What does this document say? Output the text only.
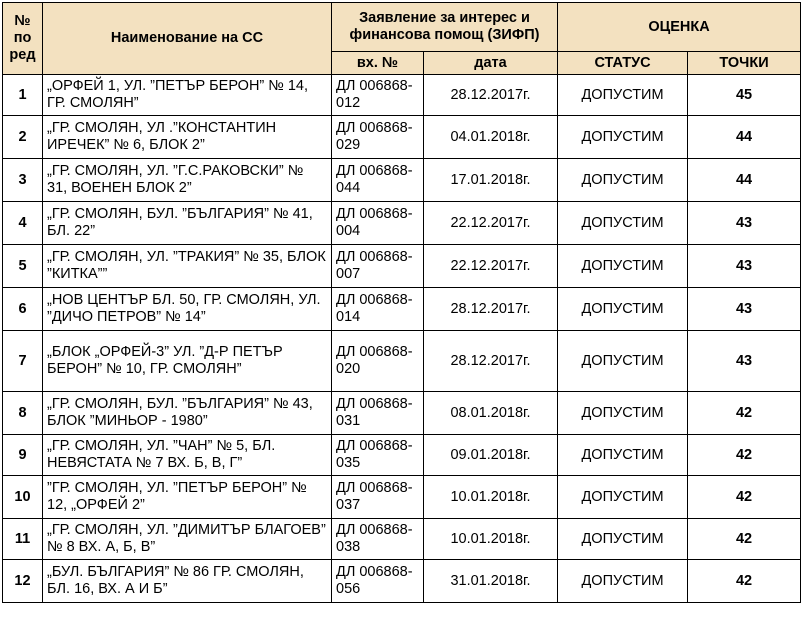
№
по
ред	Наименование на СС	Заявление за интерес и финансова помощ (ЗИФП)		ОЦЕНКА	
		вх. №	дата	СТАТУС	ТОЧКИ
1	„ОРФЕЙ 1, УЛ. ”ПЕТЪР БЕРОН” № 14, ГР. СМОЛЯН”	ДЛ 006868-012	28.12.2017г.	ДОПУСТИМ	45
2	„ГР. СМОЛЯН, УЛ .”КОНСТАНТИН ИРЕЧЕК” № 6, БЛОК 2”	ДЛ 006868-029	04.01.2018г.	ДОПУСТИМ	44
3	„ГР. СМОЛЯН, УЛ. ”Г.С.РАКОВСКИ” № 31, ВОЕНЕН БЛОК 2”	ДЛ 006868-044	17.01.2018г.	ДОПУСТИМ	44
4	„ГР. СМОЛЯН, БУЛ. ”БЪЛГАРИЯ” № 41, БЛ. 22”	ДЛ 006868-004	22.12.2017г.	ДОПУСТИМ	43
5	„ГР. СМОЛЯН, УЛ. ”ТРАКИЯ” № 35, БЛОК ”КИТКА””	ДЛ 006868-007	22.12.2017г.	ДОПУСТИМ	43
6	„НОВ ЦЕНТЪР БЛ. 50, ГР. СМОЛЯН, УЛ. ”ДИЧО ПЕТРОВ” № 14”	ДЛ 006868-014	28.12.2017г.	ДОПУСТИМ	43
7	„БЛОК „ОРФЕЙ-3” УЛ. ”Д-Р ПЕТЪР БЕРОН” № 10, ГР. СМОЛЯН”	ДЛ 006868-020	28.12.2017г.	ДОПУСТИМ	43
8	„ГР. СМОЛЯН, БУЛ. ”БЪЛГАРИЯ” № 43, БЛОК ”МИНЬОР - 1980”	ДЛ 006868-031	08.01.2018г.	ДОПУСТИМ	42
9	„ГР. СМОЛЯН, УЛ. ”ЧАН” № 5, БЛ. НЕВЯСТАТА № 7 ВХ. Б, В, Г”	ДЛ 006868-035	09.01.2018г.	ДОПУСТИМ	42
10	”ГР. СМОЛЯН, УЛ. ”ПЕТЪР БЕРОН” № 12, „ОРФЕЙ 2”	ДЛ 006868-037	10.01.2018г.	ДОПУСТИМ	42
11	„ГР. СМОЛЯН, УЛ. ”ДИМИТЪР БЛАГОЕВ” № 8 ВХ. А, Б, В”	ДЛ 006868-038	10.01.2018г.	ДОПУСТИМ	42
12	„БУЛ. БЪЛГАРИЯ” № 86 ГР. СМОЛЯН, БЛ. 16, ВХ. А И Б”	ДЛ 006868-056	31.01.2018г.	ДОПУСТИМ	42
